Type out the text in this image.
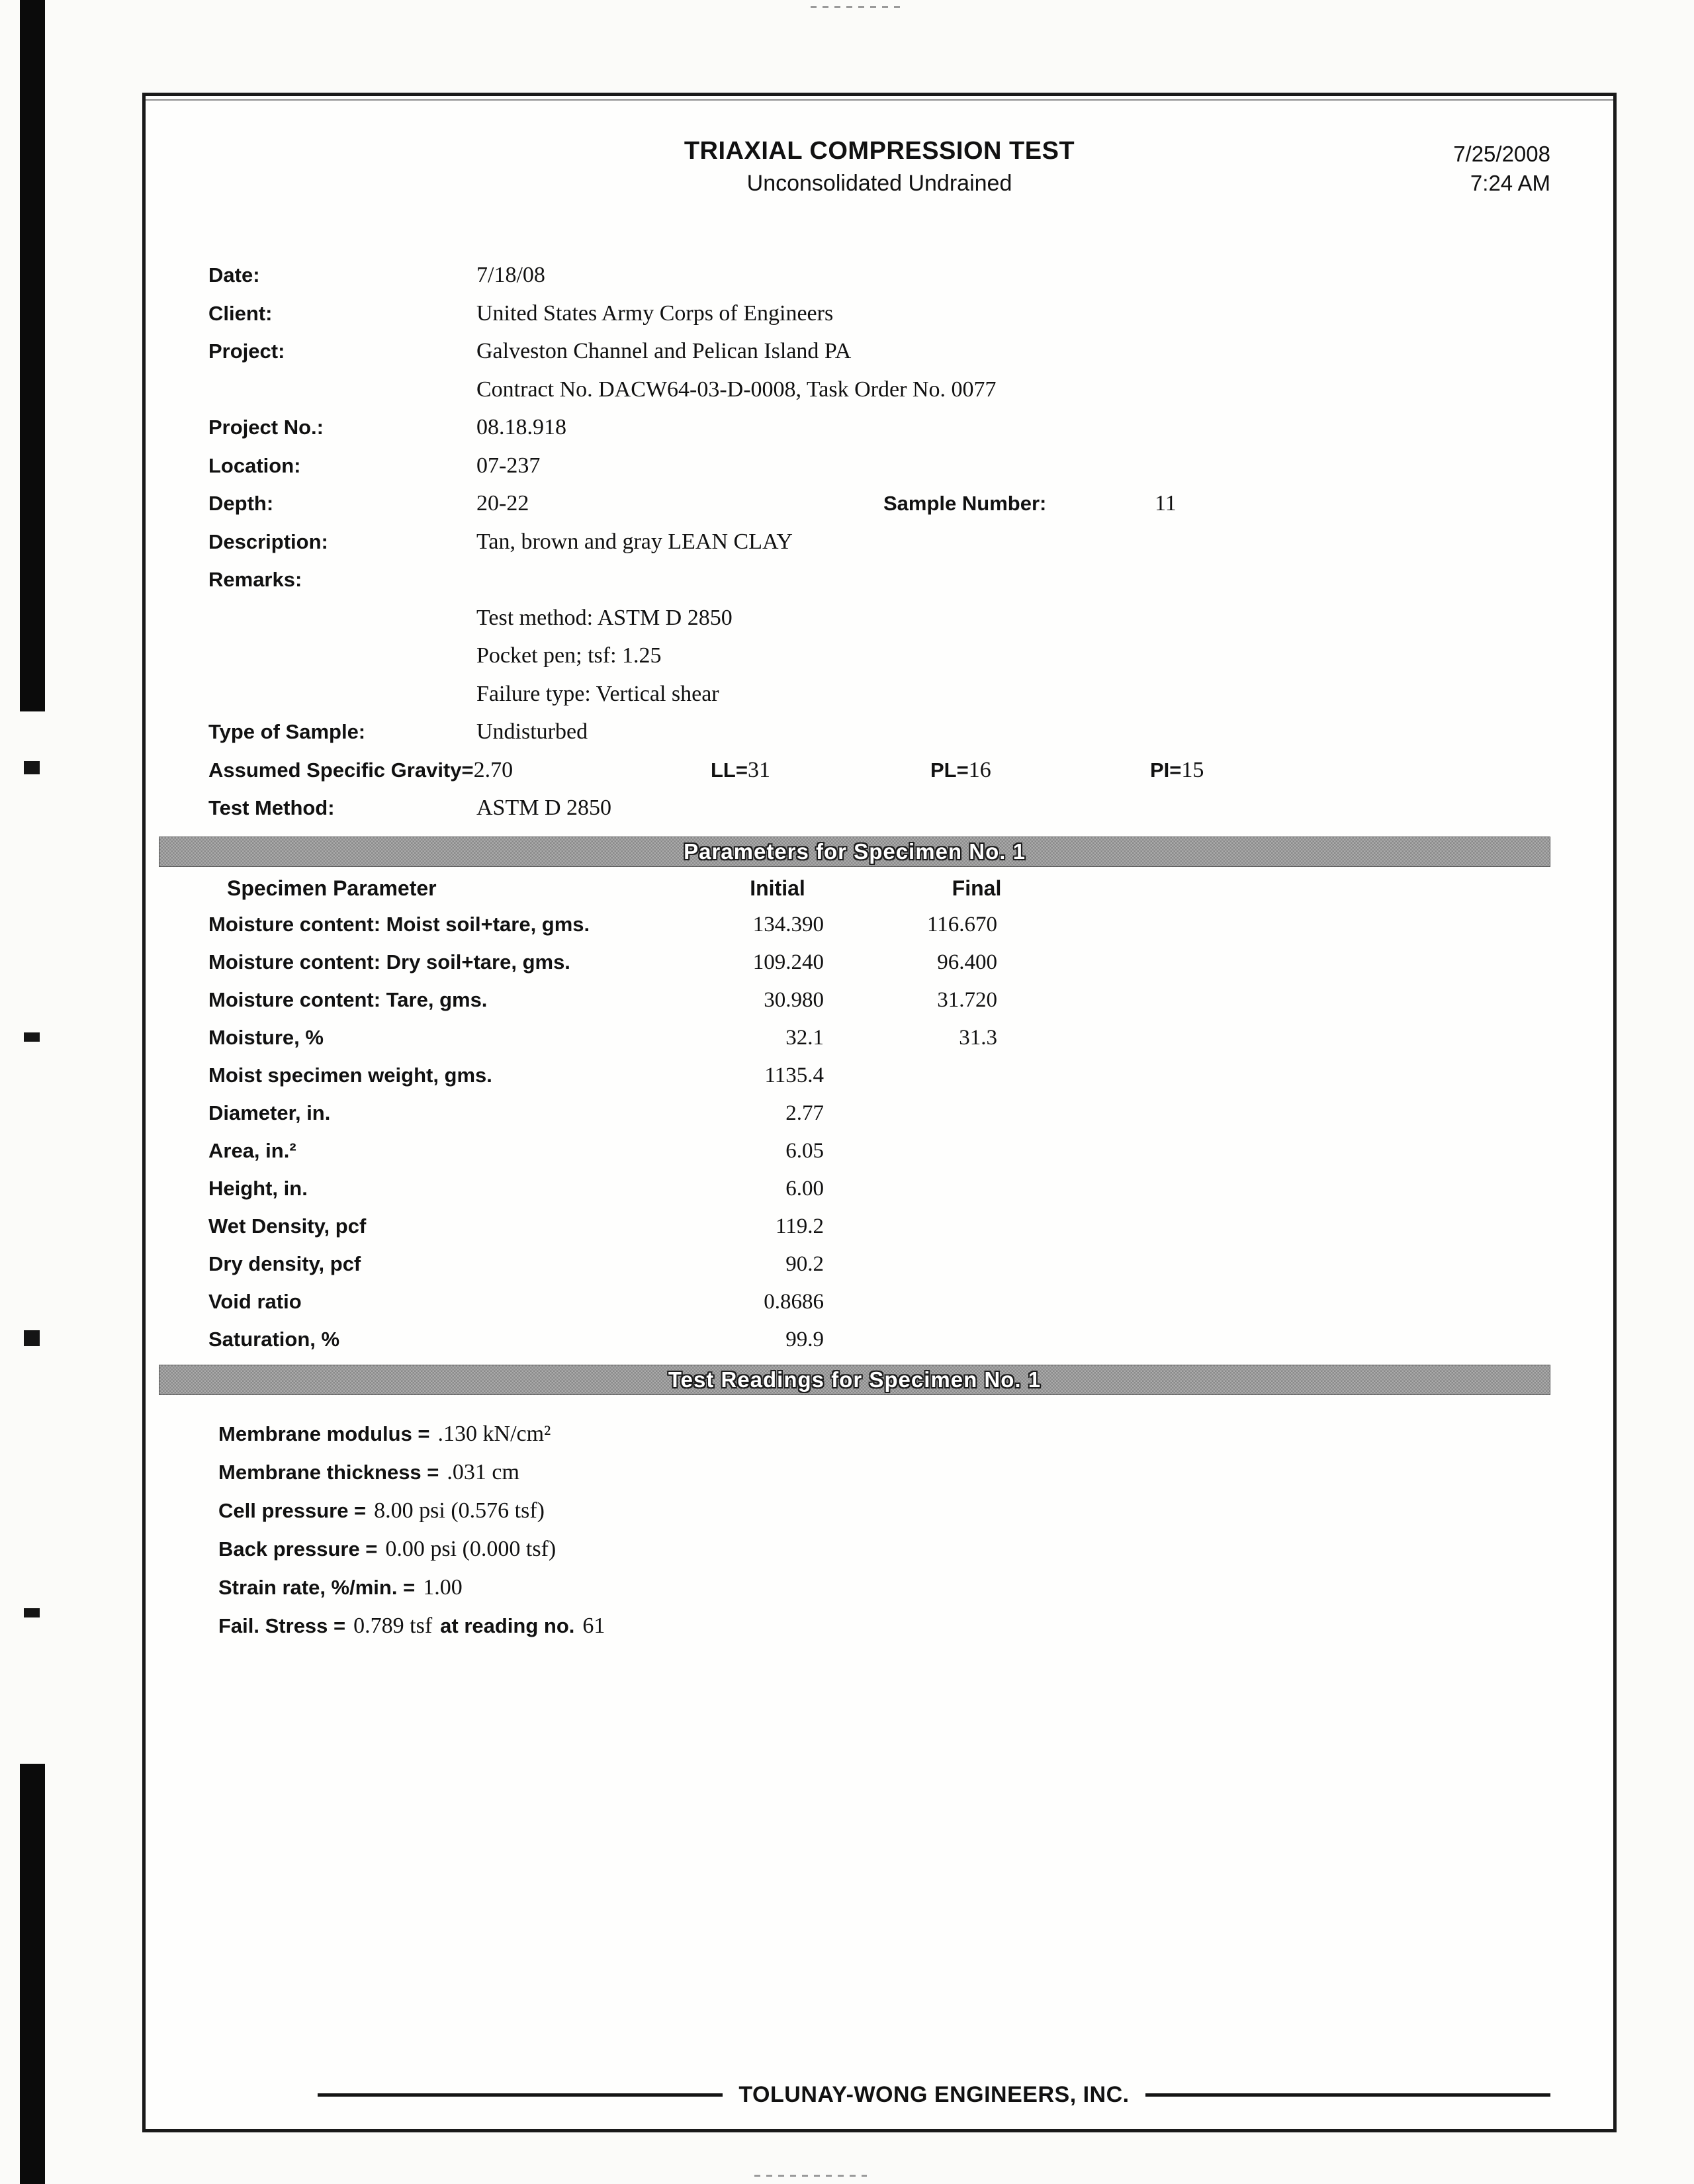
TRIAXIAL COMPRESSION TEST
Unconsolidated Undrained
7/25/2008
7:24 AM
Date:	7/18/08
Client:	United States Army Corps of Engineers
Project:	Galveston Channel and Pelican Island PA
Contract No. DACW64-03-D-0008, Task Order No. 0077
Project No.:	08.18.918
Location:	07-237
Depth:	20-22	Sample Number:	11
Description:	Tan, brown and gray LEAN CLAY
Remarks:
Test method: ASTM D 2850
Pocket pen; tsf: 1.25
Failure type: Vertical shear
Type of Sample:	Undisturbed
Assumed Specific Gravity=2.70	LL=31	PL=16	PI=15
Test Method:	ASTM D 2850
Parameters for Specimen No. 1
Specimen Parameter	Initial	Final
Moisture content: Moist soil+tare, gms.	134.390	116.670
Moisture content: Dry soil+tare, gms.	109.240	96.400
Moisture content: Tare, gms.	30.980	31.720
Moisture, %	32.1	31.3
Moist specimen weight, gms.	1135.4
Diameter, in.	2.77
Area, in.²	6.05
Height, in.	6.00
Wet Density, pcf	119.2
Dry density, pcf	90.2
Void ratio	0.8686
Saturation, %	99.9
Test Readings for Specimen No. 1
Membrane modulus = .130 kN/cm²
Membrane thickness = .031 cm
Cell pressure = 8.00 psi (0.576 tsf)
Back pressure = 0.00 psi (0.000 tsf)
Strain rate, %/min. = 1.00
Fail. Stress = 0.789 tsf at reading no. 61
TOLUNAY-WONG ENGINEERS, INC.
